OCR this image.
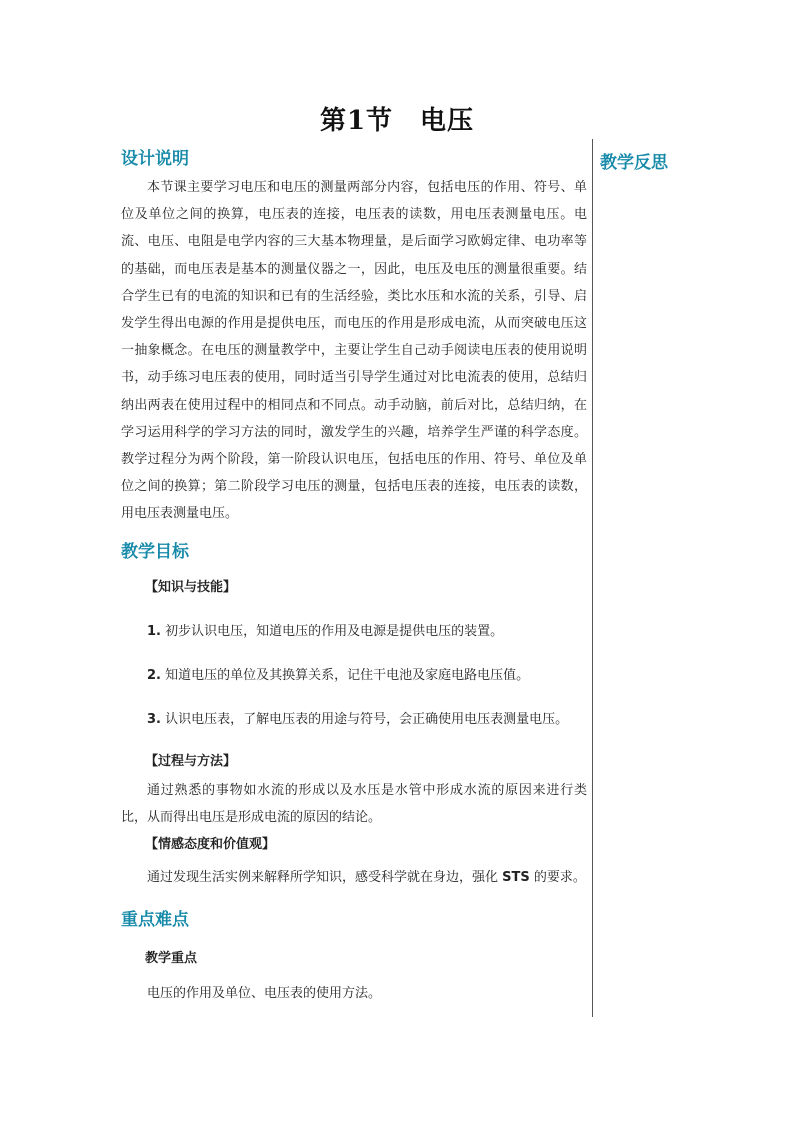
第1节　电压
教学反思
设计说明

本节课主要学习电压和电压的测量两部分内容，包括电压的作用、符号、单位及单位之间的换算，电压表的连接，电压表的读数，用电压表测量电压。电流、电压、电阻是电学内容的三大基本物理量，是后面学习欧姆定律、电功率等的基础，而电压表是基本的测量仪器之一，因此，电压及电压的测量很重要。结合学生已有的电流的知识和已有的生活经验，类比水压和水流的关系，引导、启发学生得出电源的作用是提供电压，而电压的作用是形成电流，从而突破电压这一抽象概念。在电压的测量教学中，主要让学生自己动手阅读电压表的使用说明书，动手练习电压表的使用，同时适当引导学生通过对比电流表的使用，总结归纳出两表在使用过程中的相同点和不同点。动手动脑，前后对比，总结归纳，在学习运用科学的学习方法的同时，激发学生的兴趣，培养学生严谨的科学态度。教学过程分为两个阶段，第一阶段认识电压，包括电压的作用、符号、单位及单位之间的换算；第二阶段学习电压的测量，包括电压表的连接，电压表的读数，用电压表测量电压。

教学目标

【知识与技能】

1. 初步认识电压，知道电压的作用及电源是提供电压的装置。

2. 知道电压的单位及其换算关系，记住干电池及家庭电路电压值。

3. 认识电压表，了解电压表的用途与符号，会正确使用电压表测量电压。

【过程与方法】

通过熟悉的事物如水流的形成以及水压是水管中形成水流的原因来进行类比，从而得出电压是形成电流的原因的结论。

【情感态度和价值观】

通过发现生活实例来解释所学知识，感受科学就在身边，强化 STS 的要求。

重点难点

教学重点

电压的作用及单位、电压表的使用方法。
